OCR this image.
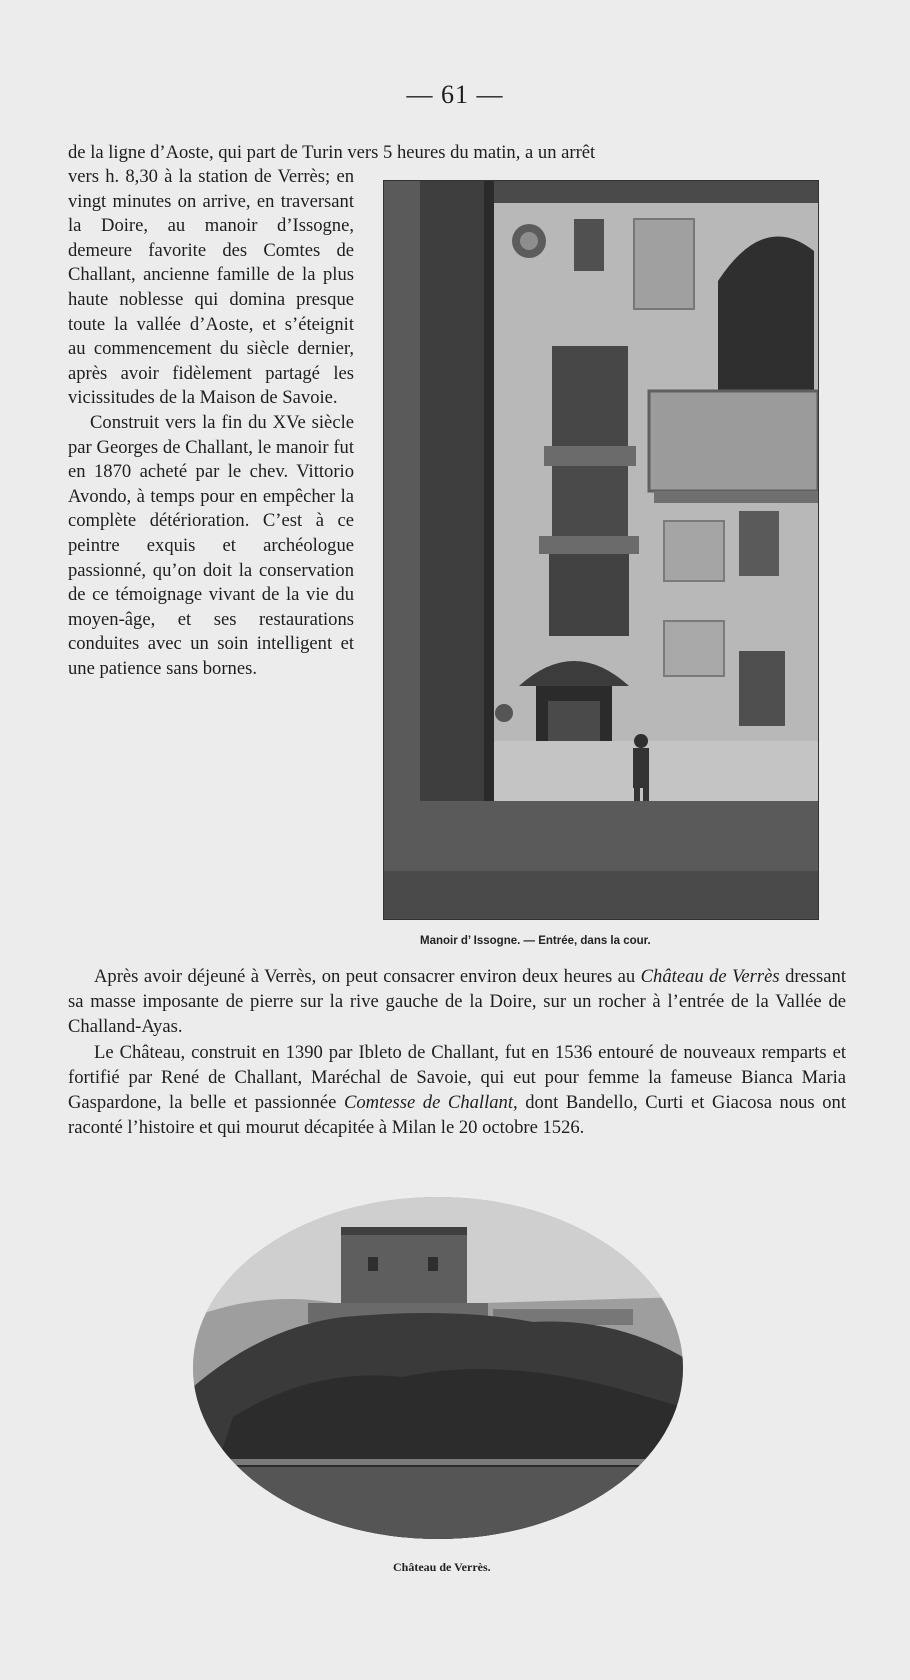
— 61 —
de la ligne d’Aoste, qui part de Turin vers 5 heures du matin, a un arrêt

vers h. 8,30 à la station de Verrès; en vingt minutes on arrive, en traversant la Doire, au manoir d’Issogne, demeure favorite des Comtes de Challant, ancienne famille de la plus haute noblesse qui domina presque toute la vallée d’Aoste, et s’éteignit au commencement du siècle dernier, après avoir fidèlement partagé les vicissitudes de la Maison de Savoie.

Construit vers la fin du XVe siècle par Georges de Challant, le manoir fut en 1870 acheté par le chev. Vittorio Avondo, à temps pour en empêcher la complète détérioration. C’est à ce peintre exquis et archéologue passionné, qu’on doit la conservation de ce témoignage vivant de la vie du moyen-âge, et ses restaurations conduites avec un soin intelligent et une patience sans bornes.

Manoir d’ Issogne. — Entrée, dans la cour.

Après avoir déjeuné à Verrès, on peut consacrer environ deux heures au Château de Verrès dressant sa masse imposante de pierre sur la rive gauche de la Doire, sur un rocher à l’entrée de la Vallée de Challand-Ayas.

Le Château, construit en 1390 par Ibleto de Challant, fut en 1536 entouré de nouveaux remparts et fortifié par René de Challant, Maréchal de Savoie, qui eut pour femme la fameuse Bianca Maria Gaspardone, la belle et passionnée Comtesse de Challant, dont Bandello, Curti et Giacosa nous ont raconté l’histoire et qui mourut décapitée à Milan le 20 octobre 1526.

Château de Verrès.
